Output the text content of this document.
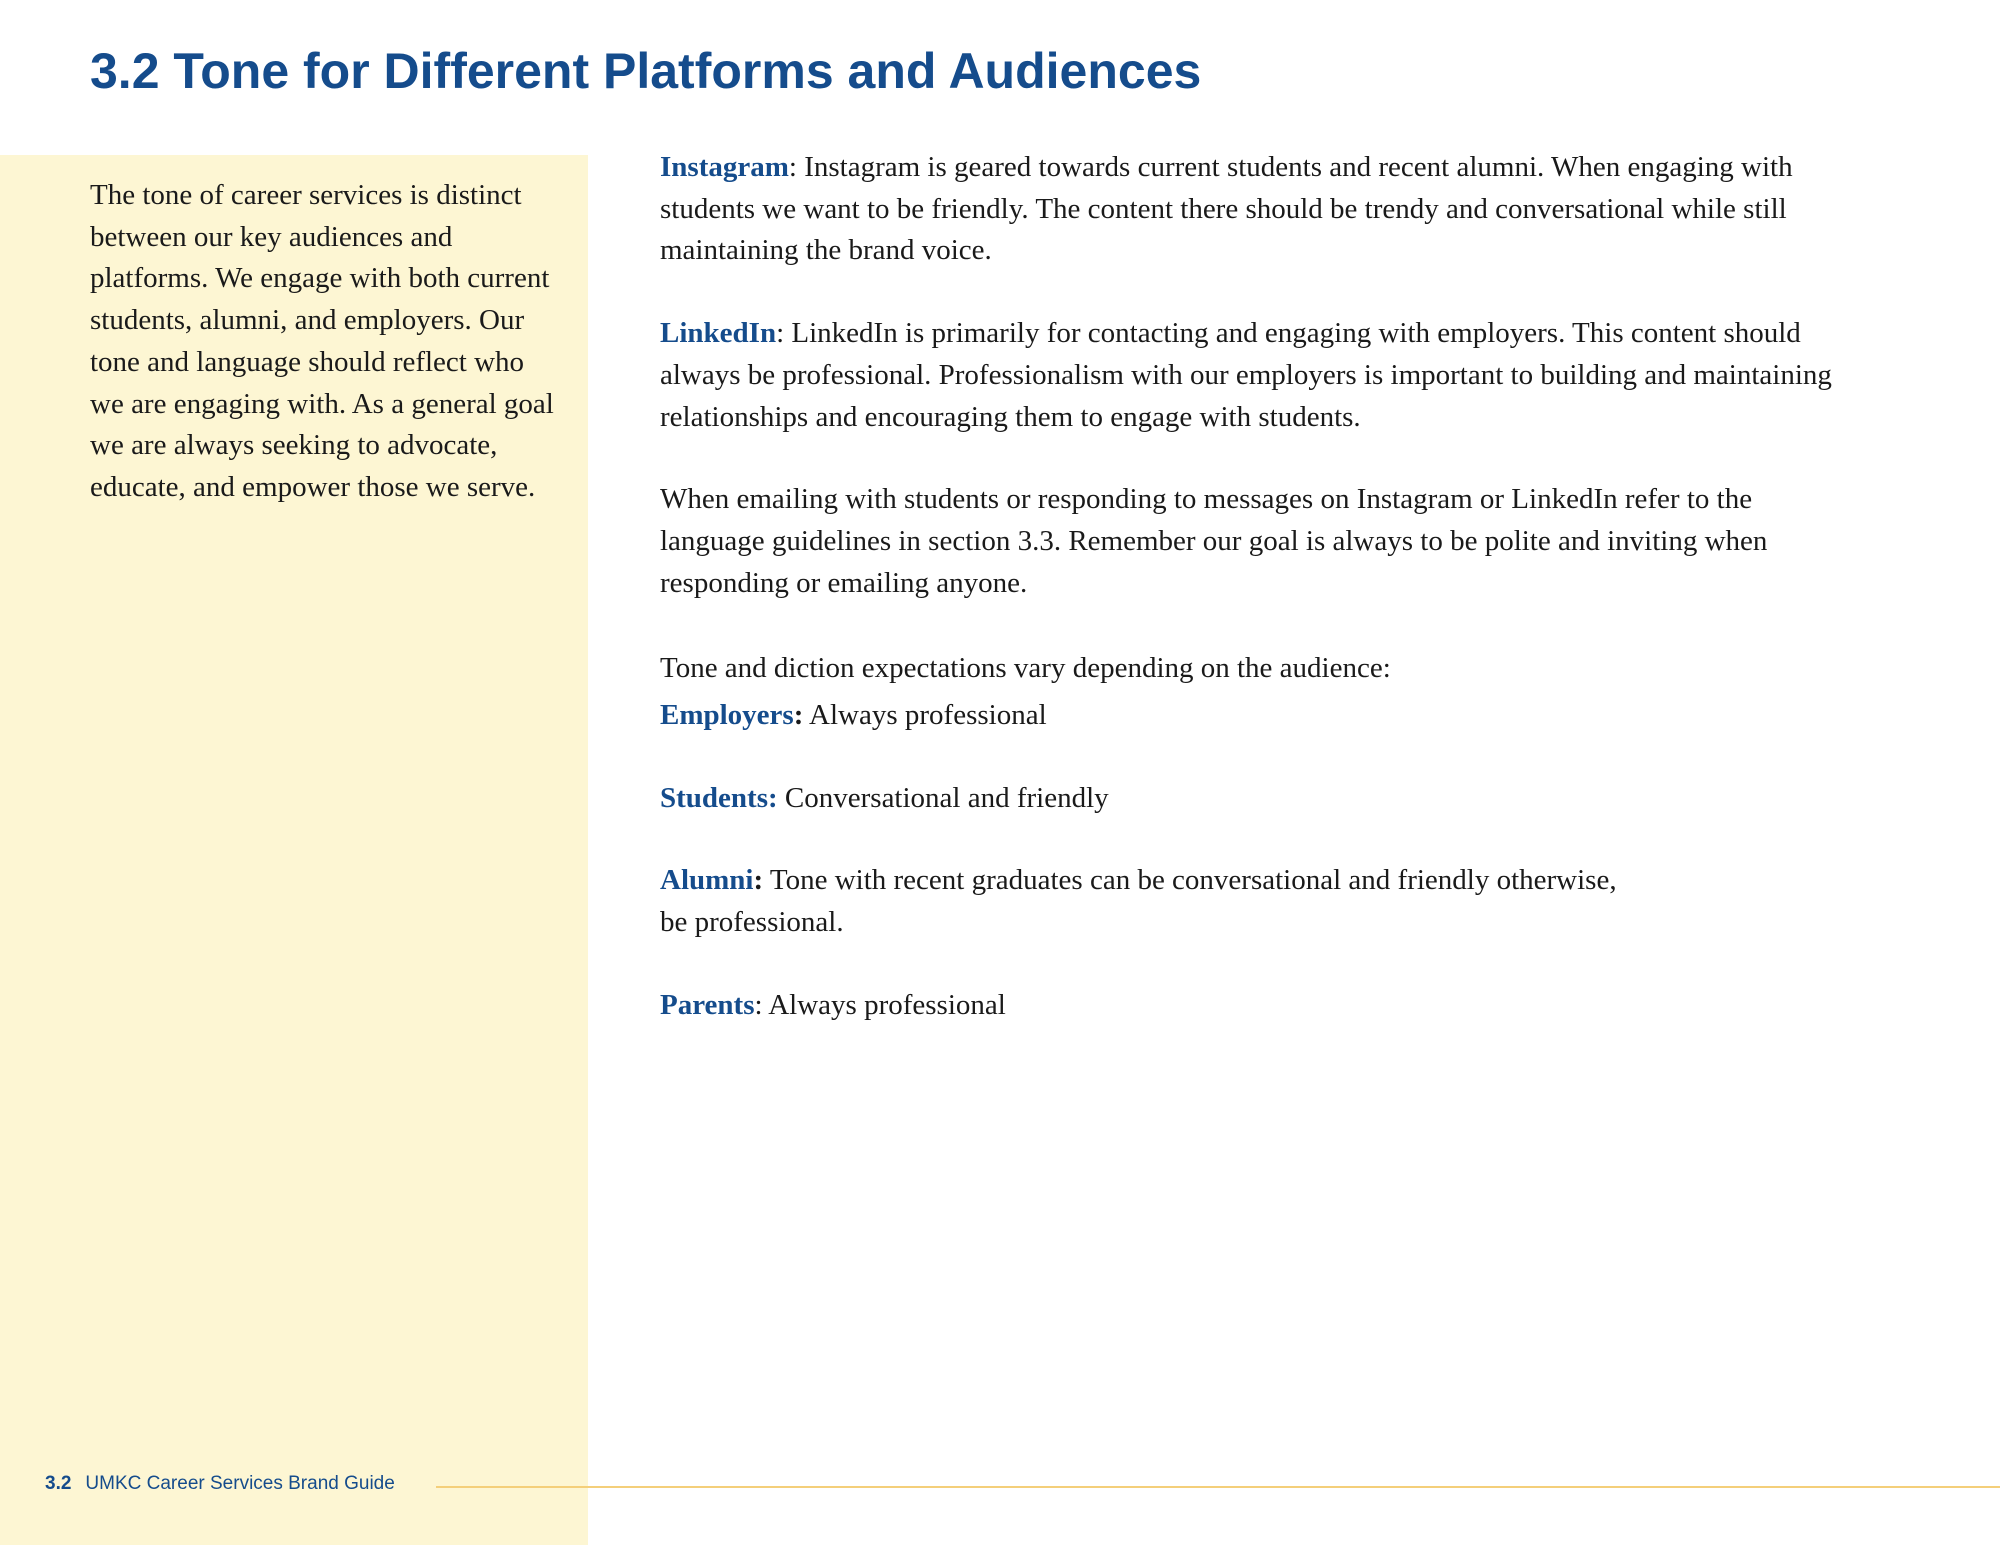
3.2 Tone for Different Platforms and Audiences

The tone of career services is distinct between our key audiences and platforms. We engage with both current students, alumni, and employers. Our tone and language should reflect who we are engaging with. As a general goal we are always seeking to advocate, educate, and empower those we serve.

Instagram: Instagram is geared towards current students and recent alumni. When engaging with students we want to be friendly. The content there should be trendy and conversational while still maintaining the brand voice.

LinkedIn: LinkedIn is primarily for contacting and engaging with employers. This content should always be professional. Professionalism with our employers is important to building and maintaining relationships and encouraging them to engage with students.

When emailing with students or responding to messages on Instagram or LinkedIn refer to the language guidelines in section 3.3. Remember our goal is always to be polite and inviting when responding or emailing anyone.

Tone and diction expectations vary depending on the audience:

Employers: Always professional

Students: Conversational and friendly

Alumni: Tone with recent graduates can be conversational and friendly otherwise,
be professional.

Parents: Always professional

3.2 UMKC Career Services Brand Guide
